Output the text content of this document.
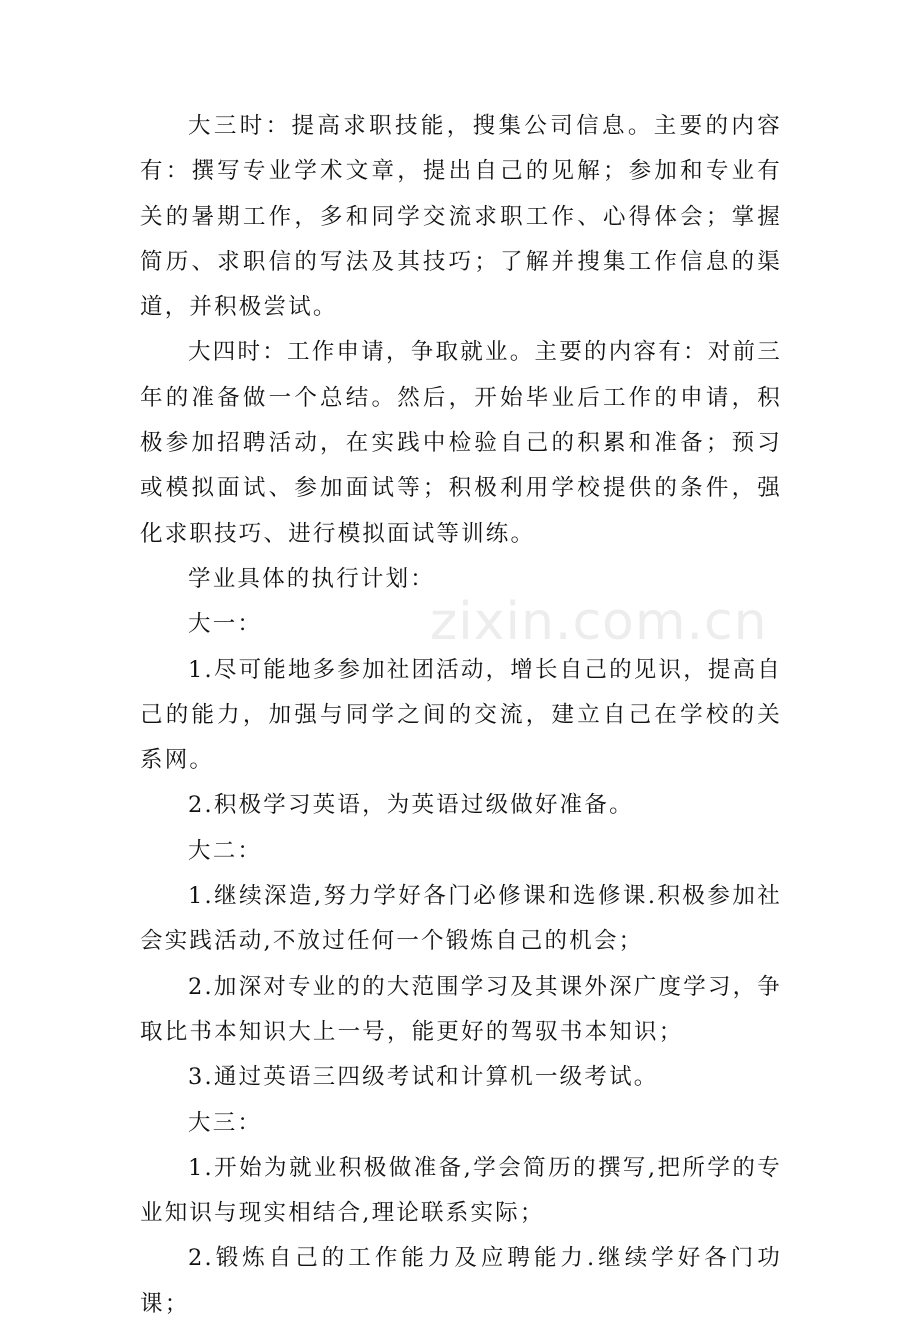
zixin.com.cn

大三时：提高求职技能，搜集公司信息。主要的内容有：撰写专业学术文章，提出自己的见解；参加和专业有关的暑期工作，多和同学交流求职工作、心得体会；掌握简历、求职信的写法及其技巧；了解并搜集工作信息的渠道，并积极尝试。

大四时：工作申请，争取就业。主要的内容有：对前三年的准备做一个总结。然后，开始毕业后工作的申请，积极参加招聘活动，在实践中检验自己的积累和准备；预习或模拟面试、参加面试等；积极利用学校提供的条件，强化求职技巧、进行模拟面试等训练。

学业具体的执行计划：

大一：

1.尽可能地多参加社团活动，增长自己的见识，提高自己的能力，加强与同学之间的交流，建立自己在学校的关系网。

2.积极学习英语，为英语过级做好准备。

大二：

1.继续深造,努力学好各门必修课和选修课.积极参加社会实践活动,不放过任何一个锻炼自己的机会；

2.加深对专业的的大范围学习及其课外深广度学习，争取比书本知识大上一号，能更好的驾驭书本知识；

3.通过英语三四级考试和计算机一级考试。

大三：

1.开始为就业积极做准备,学会简历的撰写,把所学的专业知识与现实相结合,理论联系实际；

2.锻炼自己的工作能力及应聘能力.继续学好各门功课；
